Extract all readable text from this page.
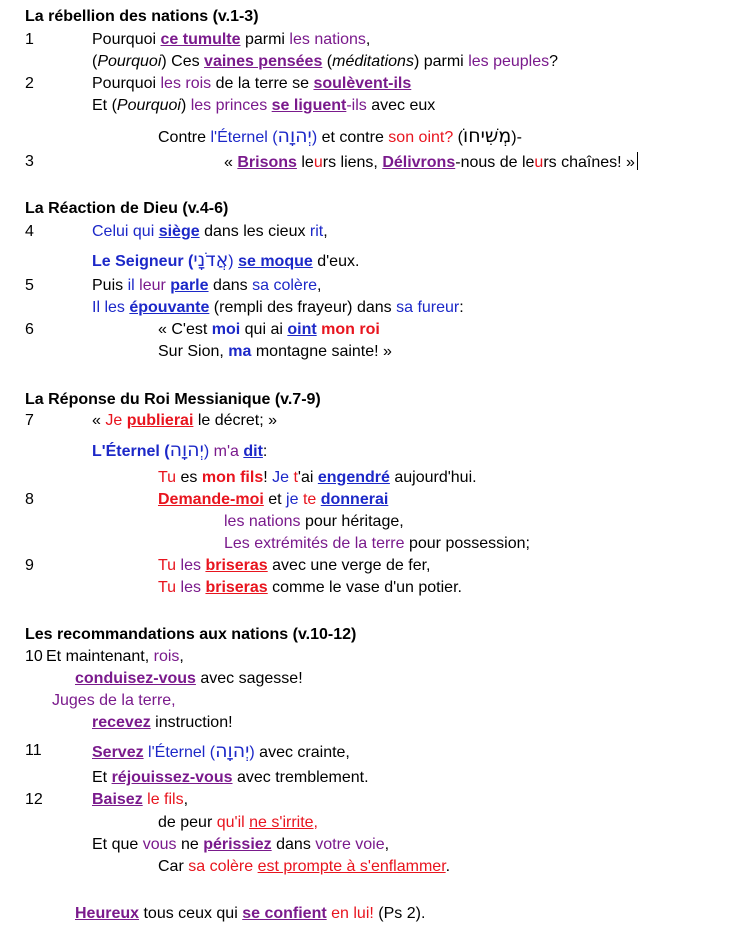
La rébellion des nations (v.1-3)
La Réaction de Dieu (v.4-6)
La Réponse du Roi Messianique (v.7-9)
Les recommandations aux nations (v.10-12)
1
2
3
4
5
6
7
8
9
10
11
12
Pourquoi ce tumulte parmi les nations,
(Pourquoi) Ces vaines pensées (méditations) parmi les peuples?
Pourquoi les rois de la terre se soulèvent-ils
Et (Pourquoi) les princes se liguent-ils avec eux
Contre l'Éternel (יְהוָה) et contre son oint? (מְשִׁיחוֹ)-
« Brisons leurs liens, Délivrons-nous de leurs chaînes! »
Celui qui siège dans les cieux rit,
Le Seigneur (אֲדֹנָי) se moque d'eux.
Puis il leur parle dans sa colère,
Il les épouvante (rempli des frayeur) dans sa fureur:
« C'est moi qui ai oint mon roi
Sur Sion, ma montagne sainte! »
« Je publierai le décret; »
L'Éternel (יְהוָה) m'a dit:
Tu es mon fils! Je t'ai engendré aujourd'hui.
Demande-moi et je te donnerai
les nations pour héritage,
Les extrémités de la terre pour possession;
Tu les briseras avec une verge de fer,
Tu les briseras comme le vase d'un potier.
Et maintenant, rois,
conduisez-vous avec sagesse!
Juges de la terre,
recevez instruction!
Servez l'Éternel (יְהוָה) avec crainte,
Et réjouissez-vous avec tremblement.
Baisez le fils,
de peur qu'il ne s'irrite,
Et que vous ne périssiez dans votre voie,
Car sa colère est prompte à s'enflammer.
Heureux tous ceux qui se confient en lui! (Ps 2).
